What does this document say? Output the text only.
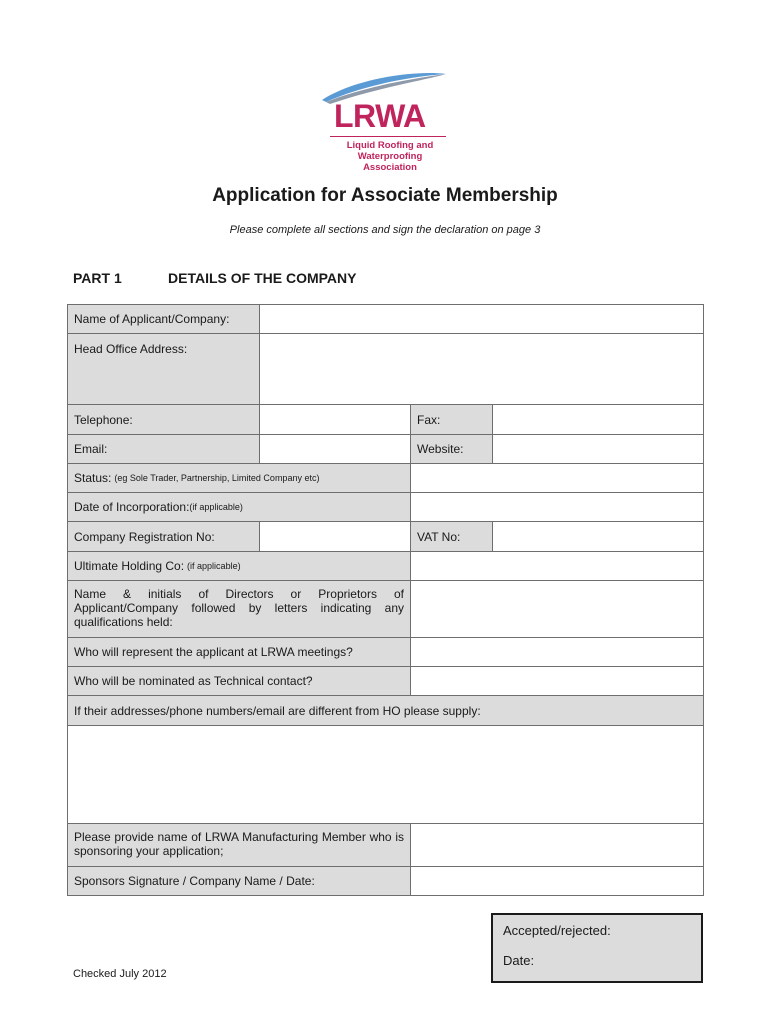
LRWA
Liquid Roofing and
Waterproofing Association
Application for Associate Membership
Please complete all sections and sign the declaration on page 3
PART 1	DETAILS OF THE COMPANY
Name of Applicant/Company:
Head Office Address:
Telephone:	Fax:
Email:	Website:
Status: (eg Sole Trader, Partnership, Limited Company etc)
Date of Incorporation: (if applicable)
Company Registration No:	VAT No:
Ultimate Holding Co: (if applicable)
Name & initials of Directors or Proprietors of Applicant/Company followed by letters indicating any qualifications held:
Who will represent the applicant at LRWA meetings?
Who will be nominated as Technical contact?
If their addresses/phone numbers/email are different from HO please supply:
Please provide name of LRWA Manufacturing Member who is sponsoring your application;
Sponsors Signature / Company Name / Date:
Accepted/rejected:
Date:
Checked July 2012
